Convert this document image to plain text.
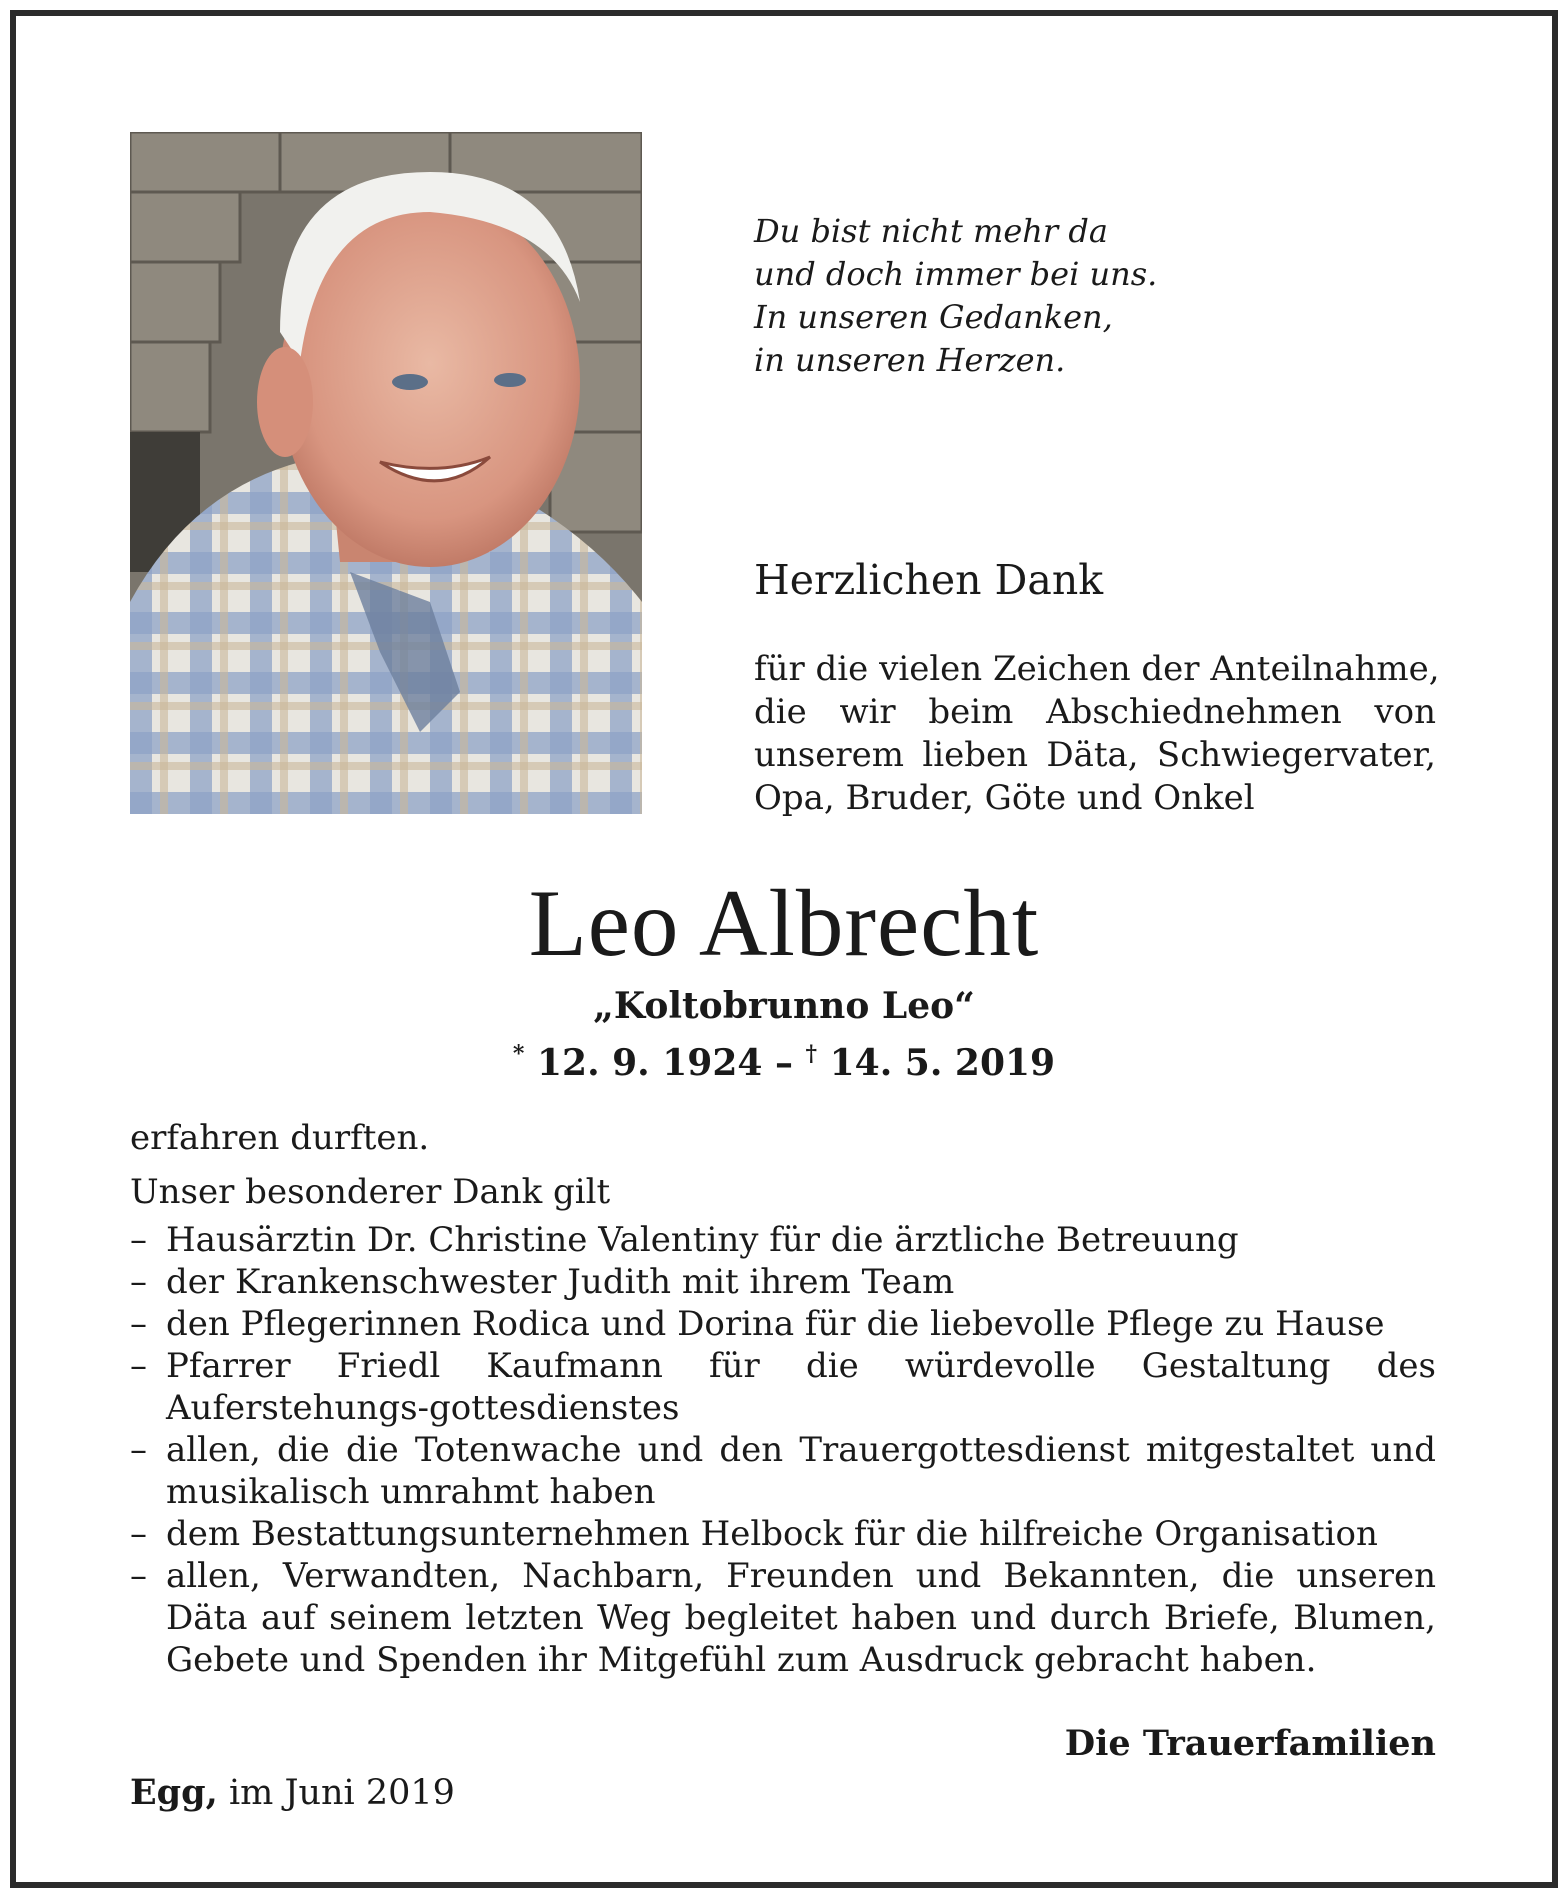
Du bist nicht mehr da
und doch immer bei uns.
In unseren Gedanken,
in unseren Herzen.
Herzlichen Dank
für die vielen Zeichen der Anteilnahme,
die wir beim Abschiednehmen von
unserem lieben Däta, Schwiegervater,
Opa, Bruder, Göte und Onkel
Leo Albrecht
„Koltobrunno Leo“
* 12. 9. 1924 – † 14. 5. 2019
erfahren durften.
Unser besonderer Dank gilt
– Hausärztin Dr. Christine Valentiny für die ärztliche Betreuung
– der Krankenschwester Judith mit ihrem Team
– den Pflegerinnen Rodica und Dorina für die liebevolle Pflege zu Hause
– Pfarrer Friedl Kaufmann für die würdevolle Gestaltung des Auferstehungs-gottesdienstes
– allen, die die Totenwache und den Trauergottesdienst mitgestaltet und musikalisch umrahmt haben
– dem Bestattungsunternehmen Helbock für die hilfreiche Organisation
– allen, Verwandten, Nachbarn, Freunden und Bekannten, die unseren Däta auf seinem letzten Weg begleitet haben und durch Briefe, Blumen, Gebete und Spenden ihr Mitgefühl zum Ausdruck gebracht haben.
Die Trauerfamilien
Egg, im Juni 2019
